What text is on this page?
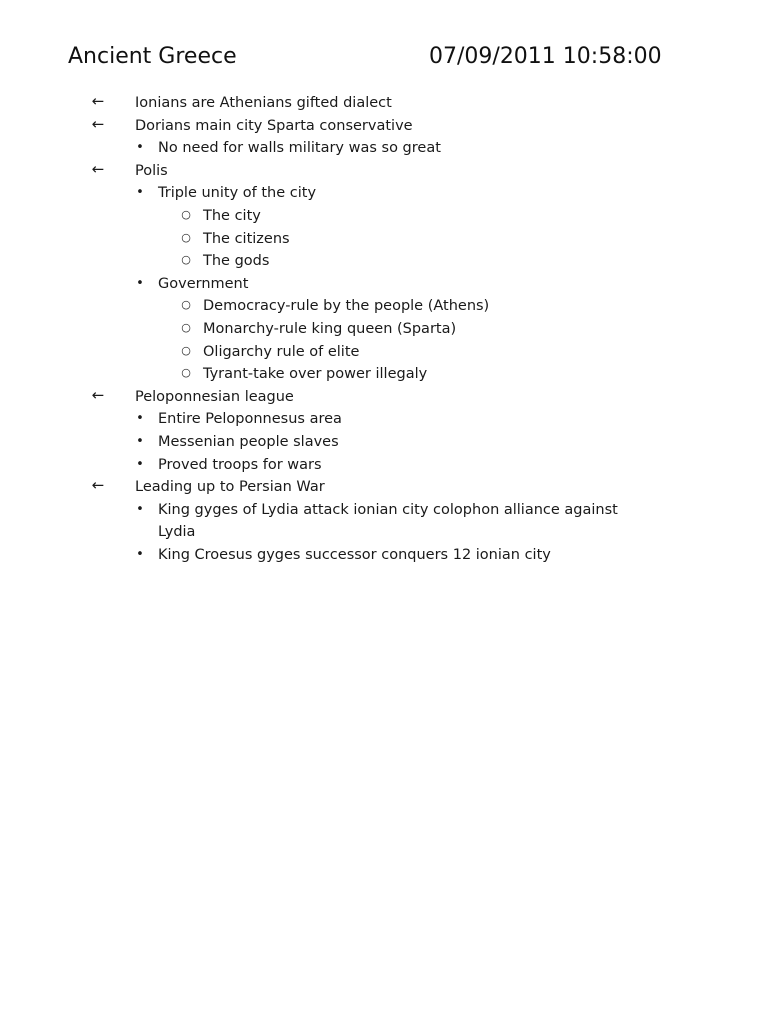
Ancient Greece	07/09/2011 10:58:00
← Ionians are Athenians gifted dialect
← Dorians main city Sparta conservative
• No need for walls military was so great
← Polis
• Triple unity of the city
○ The city
○ The citizens
○ The gods
• Government
○ Democracy-rule by the people (Athens)
○ Monarchy-rule king queen (Sparta)
○ Oligarchy rule of elite
○ Tyrant-take over power illegaly
← Peloponnesian league
• Entire Peloponnesus area
• Messenian people slaves
• Proved troops for wars
← Leading up to Persian War
• King gyges of Lydia attack ionian city colophon alliance against Lydia
• King Croesus gyges successor conquers 12 ionian city
